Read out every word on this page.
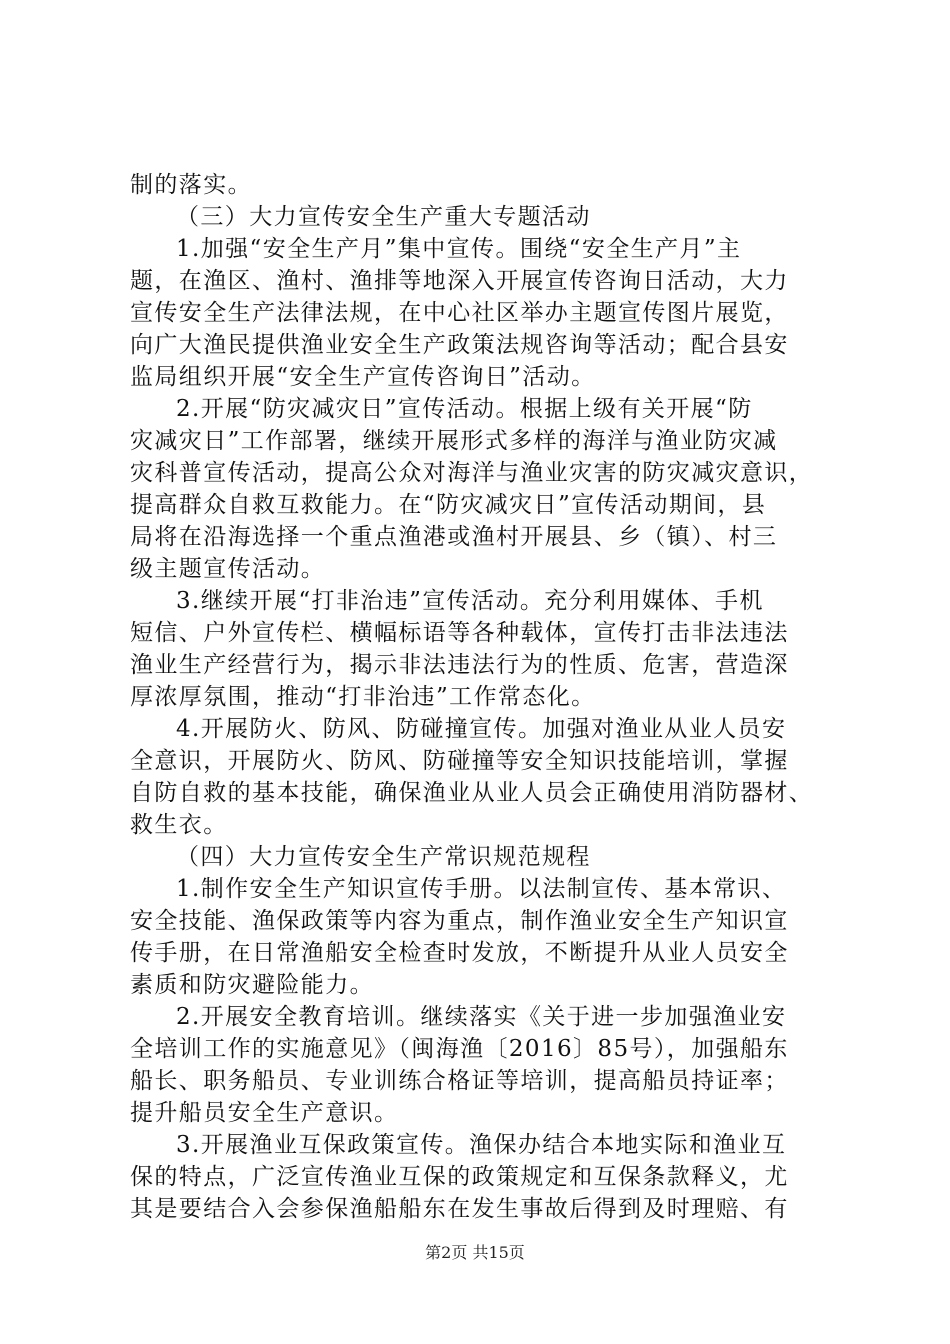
制的落实。
（三）大力宣传安全生产重大专题活动
1.加强“安全生产月”集中宣传。围绕“安全生产月”主
题，在渔区、渔村、渔排等地深入开展宣传咨询日活动，大力
宣传安全生产法律法规，在中心社区举办主题宣传图片展览，
向广大渔民提供渔业安全生产政策法规咨询等活动；配合县安
监局组织开展“安全生产宣传咨询日”活动。
2.开展“防灾减灾日”宣传活动。根据上级有关开展“防
灾减灾日”工作部署，继续开展形式多样的海洋与渔业防灾减
灾科普宣传活动，提高公众对海洋与渔业灾害的防灾减灾意识，
提高群众自救互救能力。在“防灾减灾日”宣传活动期间，县
局将在沿海选择一个重点渔港或渔村开展县、乡（镇）、村三
级主题宣传活动。
3.继续开展“打非治违”宣传活动。充分利用媒体、手机
短信、户外宣传栏、横幅标语等各种载体，宣传打击非法违法
渔业生产经营行为，揭示非法违法行为的性质、危害，营造深
厚浓厚氛围，推动“打非治违”工作常态化。
4.开展防火、防风、防碰撞宣传。加强对渔业从业人员安
全意识，开展防火、防风、防碰撞等安全知识技能培训，掌握
自防自救的基本技能，确保渔业从业人员会正确使用消防器材、
救生衣。
（四）大力宣传安全生产常识规范规程
1.制作安全生产知识宣传手册。以法制宣传、基本常识、
安全技能、渔保政策等内容为重点，制作渔业安全生产知识宣
传手册，在日常渔船安全检查时发放，不断提升从业人员安全
素质和防灾避险能力。
2.开展安全教育培训。继续落实《关于进一步加强渔业安
全培训工作的实施意见》（闽海渔〔2016〕85号），加强船东
船长、职务船员、专业训练合格证等培训，提高船员持证率；
提升船员安全生产意识。
3.开展渔业互保政策宣传。渔保办结合本地实际和渔业互
保的特点，广泛宣传渔业互保的政策规定和互保条款释义，尤
其是要结合入会参保渔船船东在发生事故后得到及时理赔、有
第2页 共15页
